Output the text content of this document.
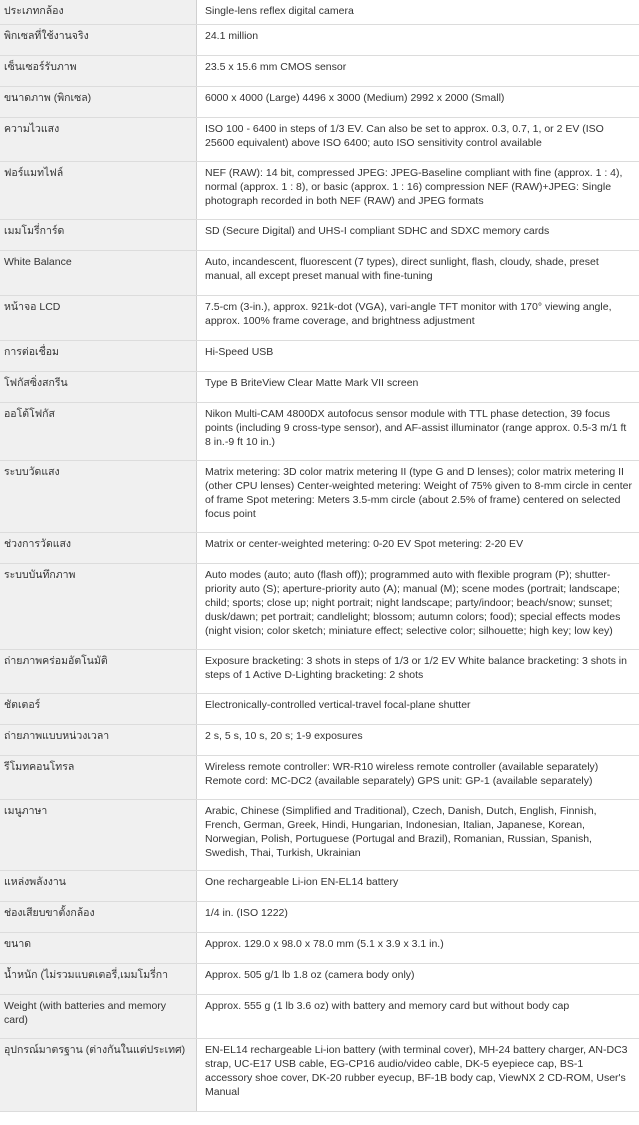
ประเภทกล้อง	Single-lens reflex digital camera
พิกเซลที่ใช้งานจริง	24.1 million
เซ็นเซอร์รับภาพ	23.5 x 15.6 mm CMOS sensor
ขนาดภาพ (พิกเซล)	6000 x 4000 (Large) 4496 x 3000 (Medium) 2992 x 2000 (Small)
ความไวแสง	ISO 100 - 6400 in steps of 1/3 EV. Can also be set to approx. 0.3, 0.7, 1, or 2 EV (ISO 25600 equivalent) above ISO 6400; auto ISO sensitivity control available
ฟอร์แมทไฟล์	NEF (RAW): 14 bit, compressed JPEG: JPEG-Baseline compliant with fine (approx. 1 : 4), normal (approx. 1 : 8), or basic (approx. 1 : 16) compression NEF (RAW)+JPEG: Single photograph recorded in both NEF (RAW) and JPEG formats
เมมโมรี่การ์ด	SD (Secure Digital) and UHS-I compliant SDHC and SDXC memory cards
White Balance	Auto, incandescent, fluorescent (7 types), direct sunlight, flash, cloudy, shade, preset manual, all except preset manual with fine-tuning
หน้าจอ LCD	7.5-cm (3-in.), approx. 921k-dot (VGA), vari-angle TFT monitor with 170° viewing angle, approx. 100% frame coverage, and brightness adjustment
การต่อเชื่อม	Hi-Speed USB
โฟกัสซิ่งสกรีน	Type B BriteView Clear Matte Mark VII screen
ออโต้โฟกัส	Nikon Multi-CAM 4800DX autofocus sensor module with TTL phase detection, 39 focus points (including 9 cross-type sensor), and AF-assist illuminator (range approx. 0.5-3 m/1 ft 8 in.-9 ft 10 in.)
ระบบวัดแสง	Matrix metering: 3D color matrix metering II (type G and D lenses); color matrix metering II (other CPU lenses) Center-weighted metering: Weight of 75% given to 8-mm circle in center of frame Spot metering: Meters 3.5-mm circle (about 2.5% of frame) centered on selected focus point
ช่วงการวัดแสง	Matrix or center-weighted metering: 0-20 EV Spot metering: 2-20 EV
ระบบบันทึกภาพ	Auto modes (auto; auto (flash off)); programmed auto with flexible program (P); shutter-priority auto (S); aperture-priority auto (A); manual (M); scene modes (portrait; landscape; child; sports; close up; night portrait; night landscape; party/indoor; beach/snow; sunset; dusk/dawn; pet portrait; candlelight; blossom; autumn colors; food); special effects modes (night vision; color sketch; miniature effect; selective color; silhouette; high key; low key)
ถ่ายภาพคร่อมอัตโนมัติ	Exposure bracketing: 3 shots in steps of 1/3 or 1/2 EV White balance bracketing: 3 shots in steps of 1 Active D-Lighting bracketing: 2 shots
ชัตเตอร์	Electronically-controlled vertical-travel focal-plane shutter
ถ่ายภาพแบบหน่วงเวลา	2 s, 5 s, 10 s, 20 s; 1-9 exposures
รีโมทคอนโทรล	Wireless remote controller: WR-R10 wireless remote controller (available separately) Remote cord: MC-DC2 (available separately) GPS unit: GP-1 (available separately)
เมนูภาษา	Arabic, Chinese (Simplified and Traditional), Czech, Danish, Dutch, English, Finnish, French, German, Greek, Hindi, Hungarian, Indonesian, Italian, Japanese, Korean, Norwegian, Polish, Portuguese (Portugal and Brazil), Romanian, Russian, Spanish, Swedish, Thai, Turkish, Ukrainian
แหล่งพลังงาน	One rechargeable Li-ion EN-EL14 battery
ช่องเสียบขาตั้งกล้อง	1/4 in. (ISO 1222)
ขนาด	Approx. 129.0 x 98.0 x 78.0 mm (5.1 x 3.9 x 3.1 in.)
น้ำหนัก (ไม่รวมแบตเตอรี่,เมมโมรี่กา	Approx. 505 g/1 lb 1.8 oz (camera body only)
Weight (with batteries and memory card)	Approx. 555 g (1 lb 3.6 oz) with battery and memory card but without body cap
อุปกรณ์มาตรฐาน (ต่างกันในแต่ประเทศ)	EN-EL14 rechargeable Li-ion battery (with terminal cover), MH-24 battery charger, AN-DC3 strap, UC-E17 USB cable, EG-CP16 audio/video cable, DK-5 eyepiece cap, BS-1 accessory shoe cover, DK-20 rubber eyecup, BF-1B body cap, ViewNX 2 CD-ROM, User's Manual
